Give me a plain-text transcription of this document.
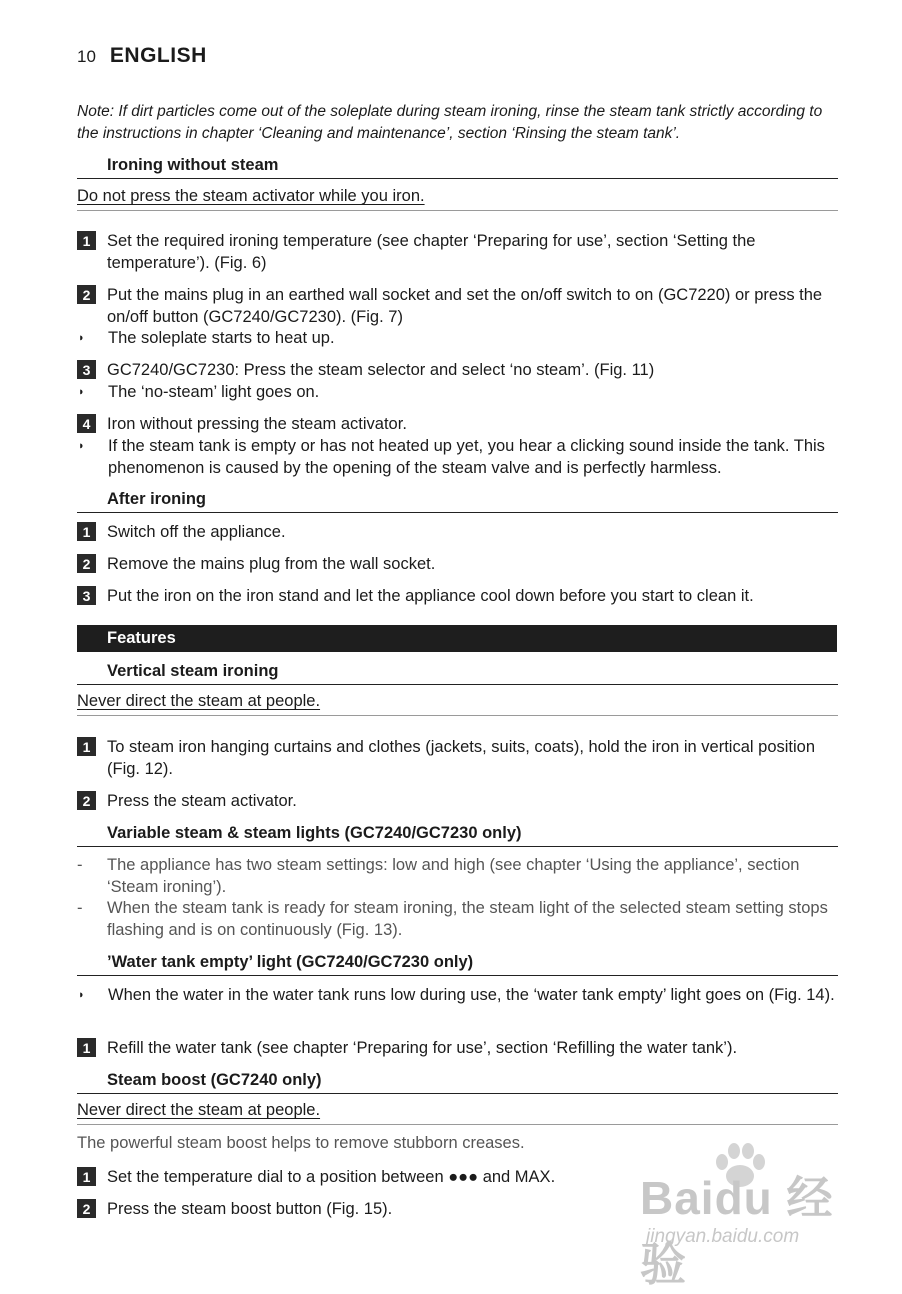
10 ENGLISH
Note: If dirt particles come out of the soleplate during steam ironing, rinse the steam tank strictly according to the instructions in chapter ‘Cleaning and maintenance’, section ‘Rinsing the steam tank’.
Ironing without steam
Do not press the steam activator while you iron.
1	Set the required ironing temperature (see chapter ‘Preparing for use’, section ‘Setting the temperature’). (Fig. 6)
2	Put the mains plug in an earthed wall socket and set the on/off switch to on (GC7220) or press the on/off button (GC7240/GC7230). (Fig. 7)
◗	The soleplate starts to heat up.
3	GC7240/GC7230: Press the steam selector and select ‘no steam’. (Fig. 11)
◗	The ‘no-steam’ light goes on.
4	Iron without pressing the steam activator.
◗	If the steam tank is empty or has not heated up yet, you hear a clicking sound inside the tank. This phenomenon is caused by the opening of the steam valve and is perfectly harmless.
After ironing
1	Switch off the appliance.
2	Remove the mains plug from the wall socket.
3	Put the iron on the iron stand and let the appliance cool down before you start to clean it.
Features
Vertical steam ironing
Never direct the steam at people.
1	To steam iron hanging curtains and clothes (jackets, suits, coats), hold the iron in vertical position (Fig. 12).
2	Press the steam activator.
Variable steam & steam lights (GC7240/GC7230 only)
-	The appliance has two steam settings: low and high (see chapter ‘Using the appliance’, section ‘Steam ironing’).
-	When the steam tank is ready for steam ironing, the steam light of the selected steam setting stops flashing and is on continuously (Fig. 13).
’Water tank empty’ light (GC7240/GC7230 only)
◗	When the water in the water tank runs low during use, the ‘water tank empty’ light goes on (Fig. 14).
1	Refill the water tank (see chapter ‘Preparing for use’, section ‘Refilling the water tank’).
Steam boost (GC7240 only)
Never direct the steam at people.
The powerful steam boost helps to remove stubborn creases.
1	Set the temperature dial to a position between ●●● and MAX.
2	Press the steam boost button (Fig. 15).	Baidu 经验
jingyan.baidu.com
